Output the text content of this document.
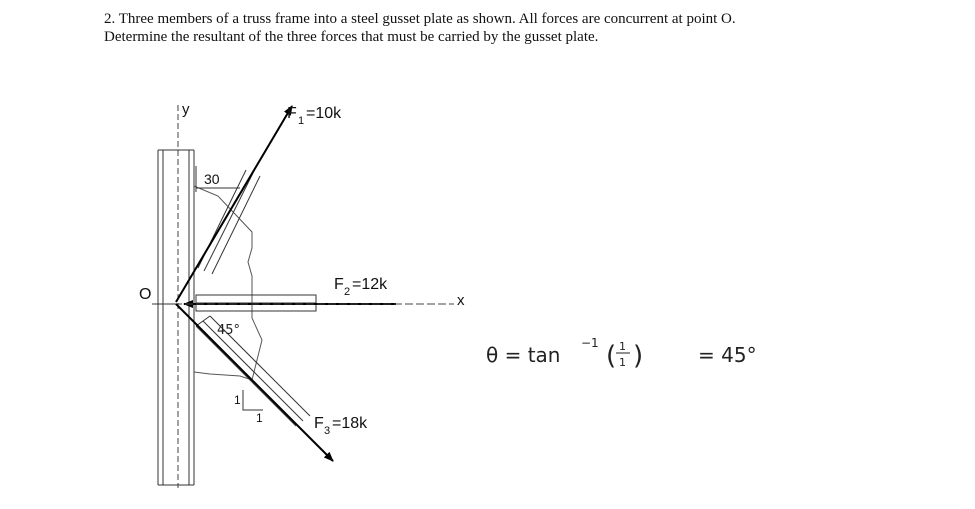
2. Three members of a truss frame into a steel gusset plate as shown. All forces are concurrent at point O.
Determine the resultant of the three forces that must be carried by the gusset plate.
y
x
O
30
45°
1
1
F 1 =10k
F 2 =12k
F 3 =18k
θ = tan −1 ( 1
1 )	= 45°
